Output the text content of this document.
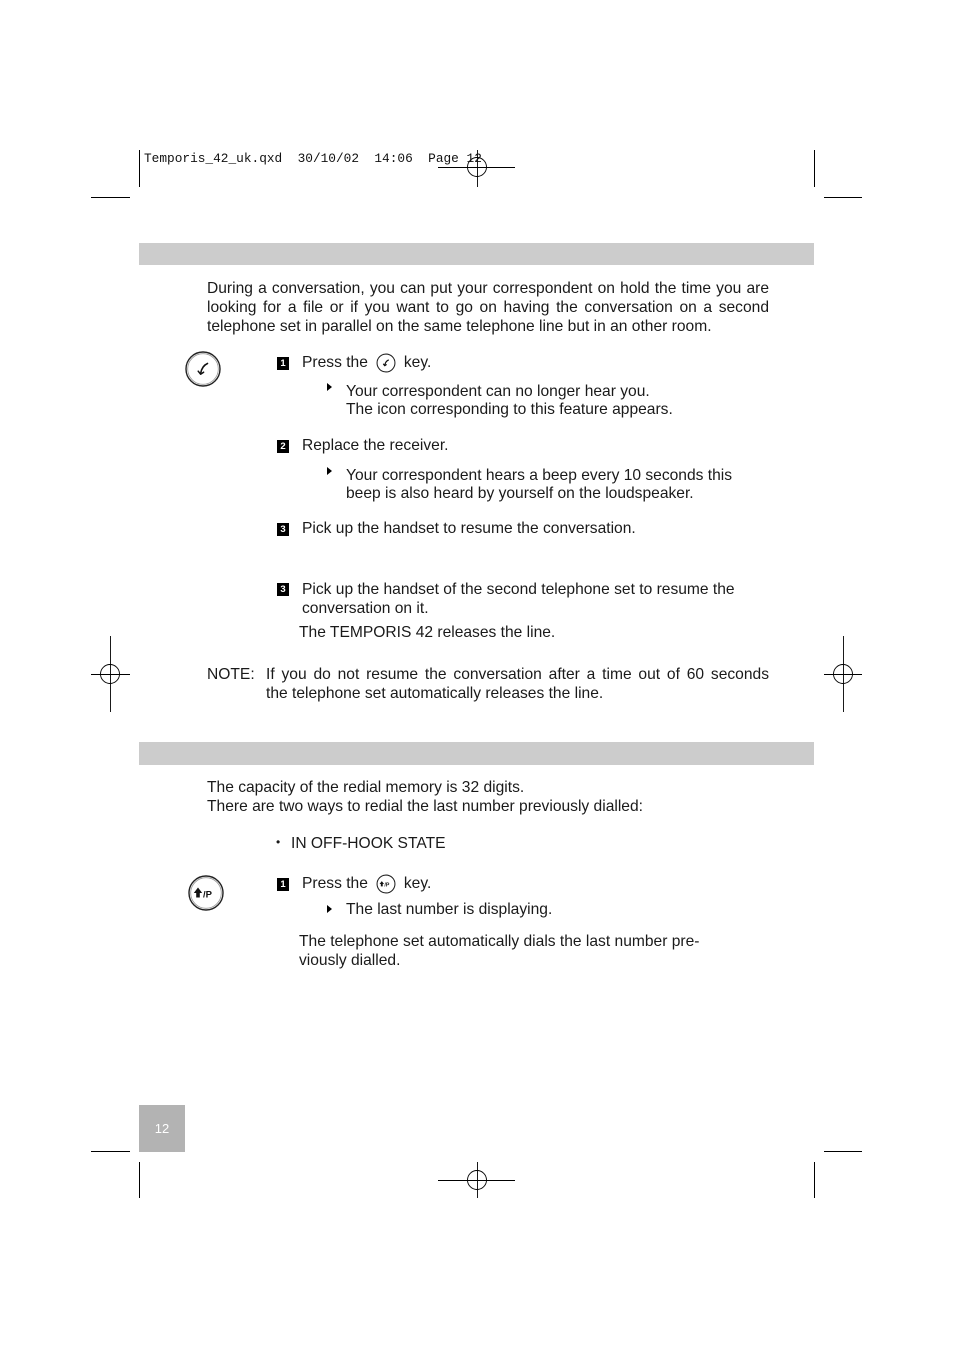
Temporis_42_uk.qxd  30/10/02  14:06  Page 12
During a conversation, you can put your correspondent on hold the time you are
looking for a file or if you want to go on having the conversation on a second
telephone set in parallel on the same telephone line but in an other room.
1 Press the key.
Your correspondent can no longer hear you.
The icon corresponding to this feature appears.
2 Replace the receiver.
Your correspondent hears a beep every 10 seconds this
beep is also heard by yourself on the loudspeaker.
3 Pick up the handset to resume the conversation.
3 Pick up the handset of the second telephone set to resume the
conversation on it.
The TEMPORIS 42 releases the line.
NOTE: If you do not resume the conversation after a time out of 60 seconds
the telephone set automatically releases the line.
The capacity of the redial memory is 32 digits.
There are two ways to redial the last number previously dialled:
• IN OFF-HOOK STATE
/P
1 Press the /P key.
The last number is displaying.
The telephone set automatically dials the last number pre-
viously dialled.
12
